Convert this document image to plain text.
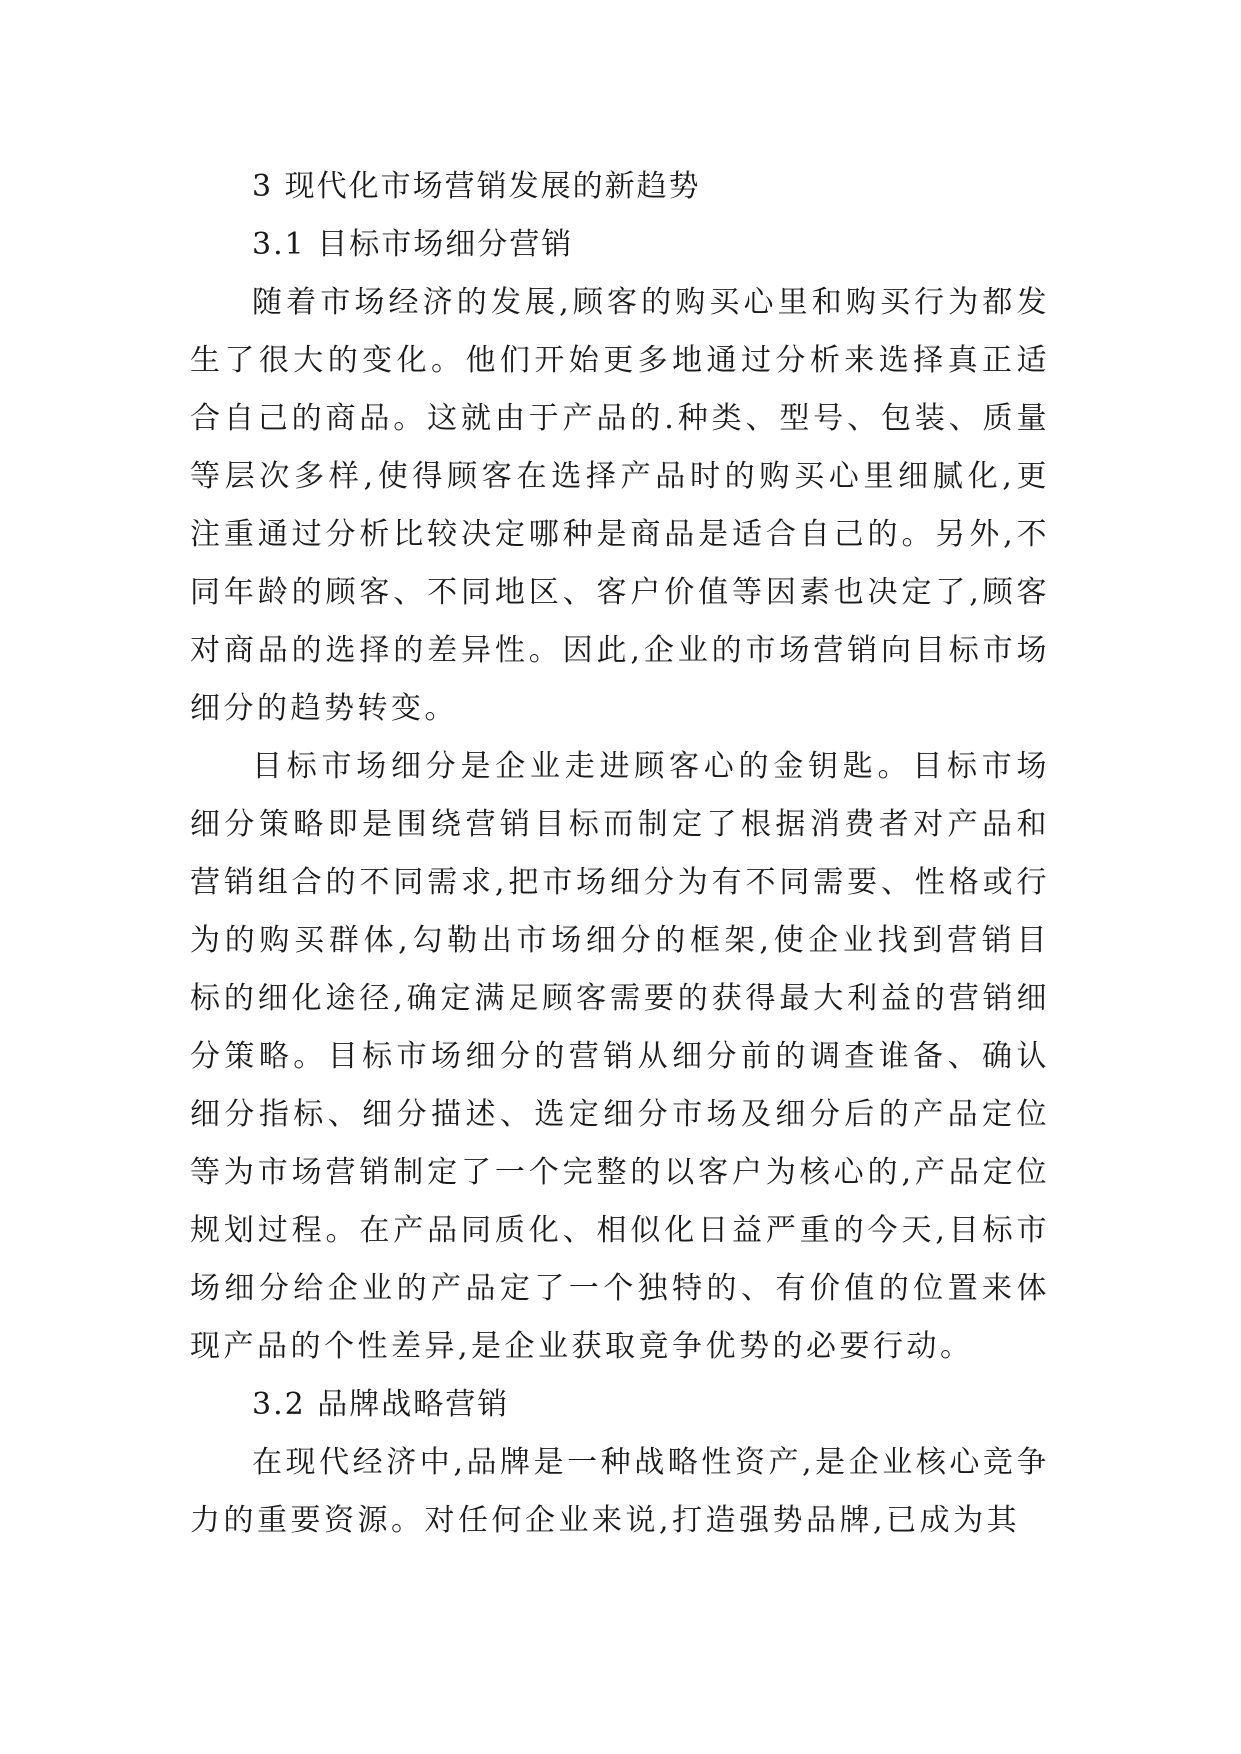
3 现代化市场营销发展的新趋势

3.1 目标市场细分营销

随着市场经济的发展,顾客的购买心里和购买行为都发生了很大的变化。他们开始更多地通过分析来选择真正适合自己的商品。这就由于产品的.种类、型号、包装、质量等层次多样,使得顾客在选择产品时的购买心里细腻化,更注重通过分析比较决定哪种是商品是适合自己的。另外,不同年龄的顾客、不同地区、客户价值等因素也决定了,顾客对商品的选择的差异性。因此,企业的市场营销向目标市场细分的趋势转变。

目标市场细分是企业走进顾客心的金钥匙。目标市场细分策略即是围绕营销目标而制定了根据消费者对产品和营销组合的不同需求,把市场细分为有不同需要、性格或行为的购买群体,勾勒出市场细分的框架,使企业找到营销目标的细化途径,确定满足顾客需要的获得最大利益的营销细分策略。目标市场细分的营销从细分前的调查谁备、确认细分指标、细分描述、选定细分市场及细分后的产品定位等为市场营销制定了一个完整的以客户为核心的,产品定位规划过程。在产品同质化、相似化日益严重的今天,目标市场细分给企业的产品定了一个独特的、有价值的位置来体现产品的个性差异,是企业获取竟争优势的必要行动。

3.2 品牌战略营销

在现代经济中,品牌是一种战略性资产,是企业核心竞争力的重要资源。对任何企业来说,打造强势品牌,已成为其
